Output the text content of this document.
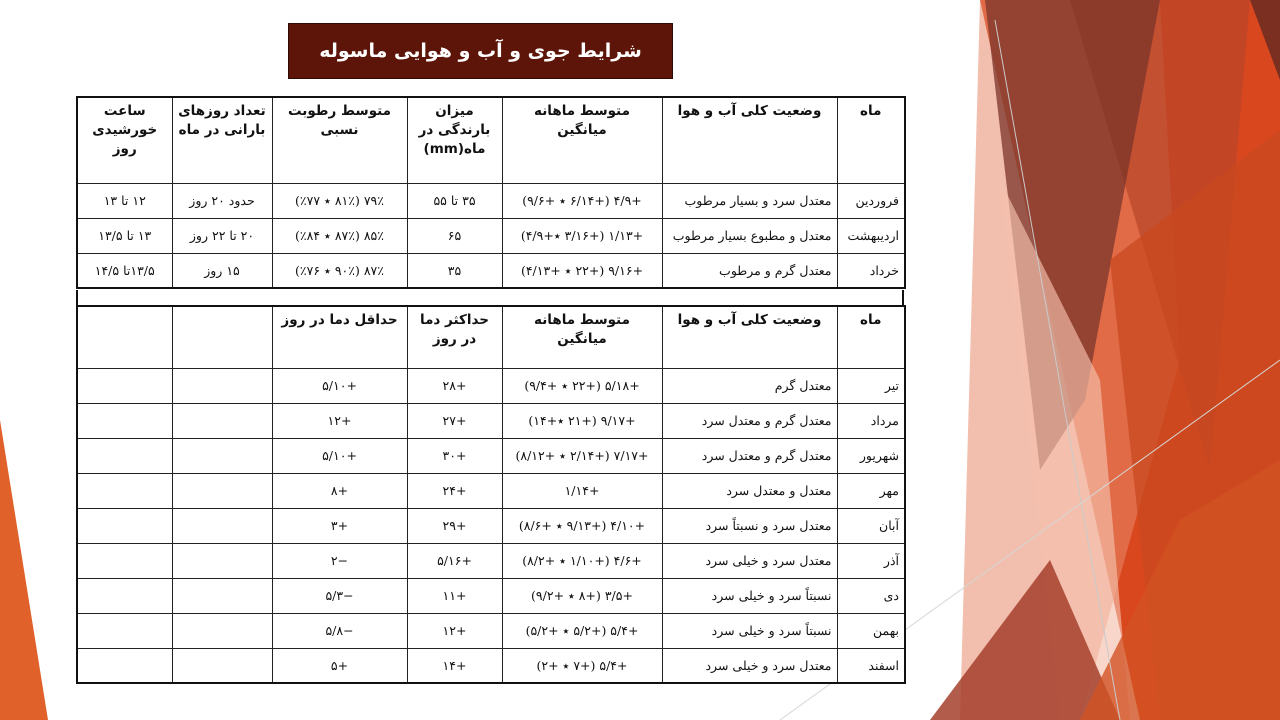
شرایط جوی و آب و هوایی ماسوله
ماه	وضعیت کلی آب و هوا	متوسط ماهانه میانگین	میزان بارندگی در ماه(mm)	متوسط رطوبت نسبی	تعداد روزهای بارانی در ماه	ساعت خورشیدی روز
فروردین	معتدل سرد و بسیار مرطوب	+۴/۹ (+۶/۱۴ ٭ +۹/۶)	۳۵ تا ۵۵	۷۹٪ (۸۱٪ ٭ ۷۷٪)	حدود ۲۰ روز	۱۲ تا ۱۳
اردیبهشت	معتدل و مطبوع بسیار مرطوب	+۱/۱۳ (+۳/۱۶ ٭+۴/۹)	۶۵	۸۵٪ (۸۷٪ ٭ ۸۴٪)	۲۰ تا ۲۲ روز	۱۳ تا ۱۳/۵
خرداد	معتدل گرم و مرطوب	+۹/۱۶ (+۲۲ ٭ +۴/۱۳)	۳۵	۸۷٪ (۹۰٪ ٭ ۷۶٪)	۱۵ روز	۱۳/۵تا ۱۴/۵
ماه	وضعیت کلی آب و هوا	متوسط ماهانه میانگین	حداکثر دما در روز	حداقل دما در روز		
تیر	معتدل گرم	+۵/۱۸ (+۲۲ ٭ +۹/۴)	+۲۸	+۵/۱۰		
مرداد	معتدل گرم و معتدل سرد	+۹/۱۷ (+۲۱ ٭+۱۴)	+۲۷	+۱۲		
شهریور	معتدل گرم و معتدل سرد	+۷/۱۷ (+۲/۱۴ ٭ +۸/۱۲)	+۳۰	+۵/۱۰		
مهر	معتدل و معتدل سرد	+۱/۱۴	+۲۴	+۸		
آبان	معتدل سرد و نسبتاً سرد	+۴/۱۰ (+۹/۱۳ ٭ +۸/۶)	+۲۹	+۳		
آذر	معتدل سرد و خیلی سرد	+۴/۶ (+۱/۱۰ ٭ +۸/۲)	+۵/۱۶	−۲		
دی	نسبتاً سرد و خیلی سرد	+۳/۵ (+۸ ٭ +۹/۲)	+۱۱	−۵/۳		
بهمن	نسبتاً سرد و خیلی سرد	+۵/۴ (+۵/۲ ٭ +۵/۲)	+۱۲	−۵/۸		
اسفند	معتدل سرد و خیلی سرد	+۵/۴ (+۷ ٭ +۲)	+۱۴	+۵		
